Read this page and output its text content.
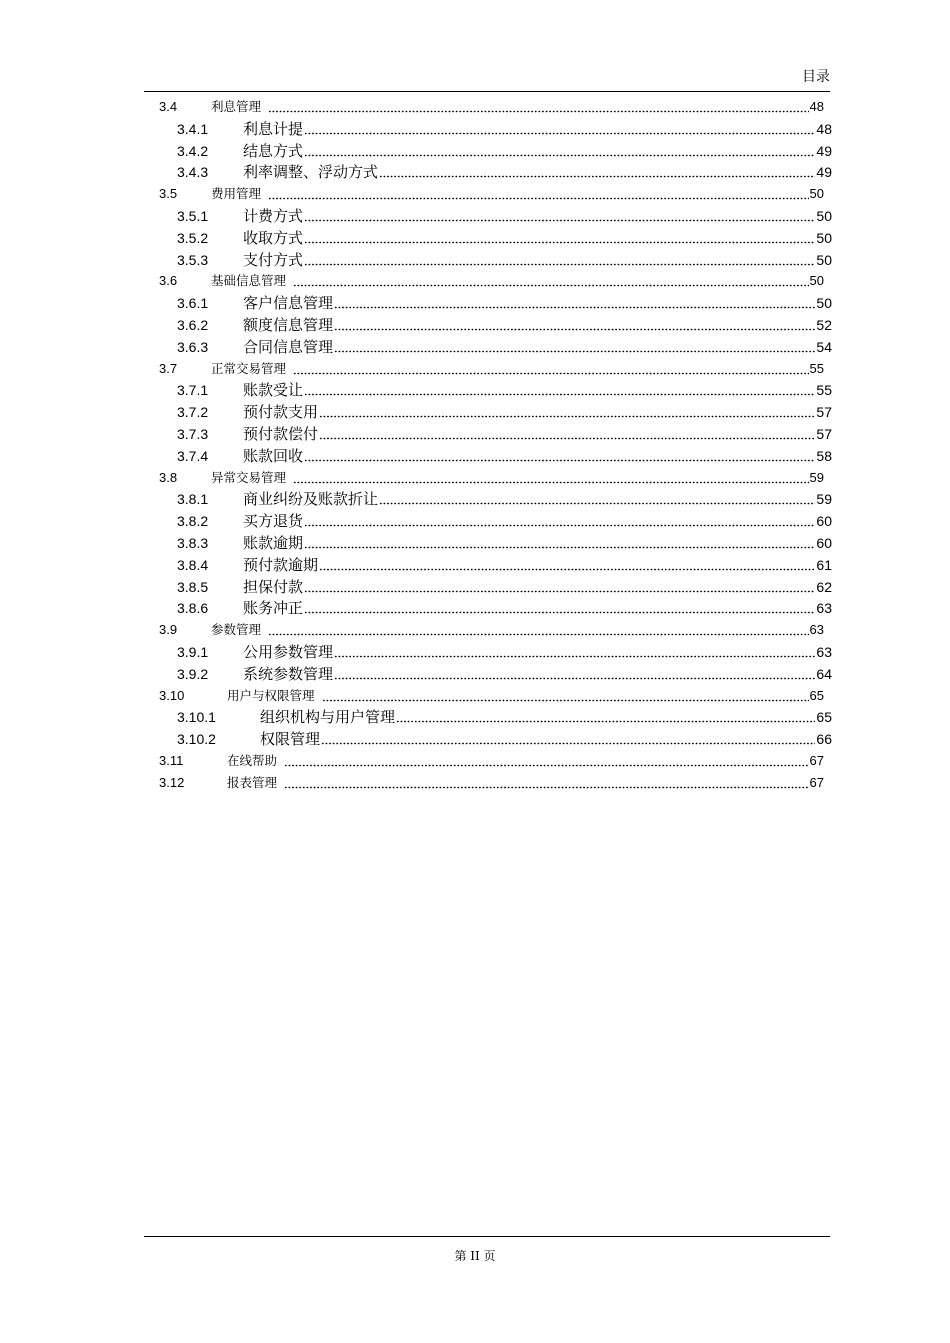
目录
3.4	利息管理	48
3.4.1	利息计提	48
3.4.2	结息方式	49
3.4.3	利率调整、浮动方式	49
3.5	费用管理	50
3.5.1	计费方式	50
3.5.2	收取方式	50
3.5.3	支付方式	50
3.6	基础信息管理	50
3.6.1	客户信息管理	50
3.6.2	额度信息管理	52
3.6.3	合同信息管理	54
3.7	正常交易管理	55
3.7.1	账款受让	55
3.7.2	预付款支用	57
3.7.3	预付款偿付	57
3.7.4	账款回收	58
3.8	异常交易管理	59
3.8.1	商业纠纷及账款折让	59
3.8.2	买方退货	60
3.8.3	账款逾期	60
3.8.4	预付款逾期	61
3.8.5	担保付款	62
3.8.6	账务冲正	63
3.9	参数管理	63
3.9.1	公用参数管理	63
3.9.2	系统参数管理	64
3.10	用户与权限管理	65
3.10.1	组织机构与用户管理	65
3.10.2	权限管理	66
3.11	在线帮助	67
3.12	报表管理	67
第 II 页
